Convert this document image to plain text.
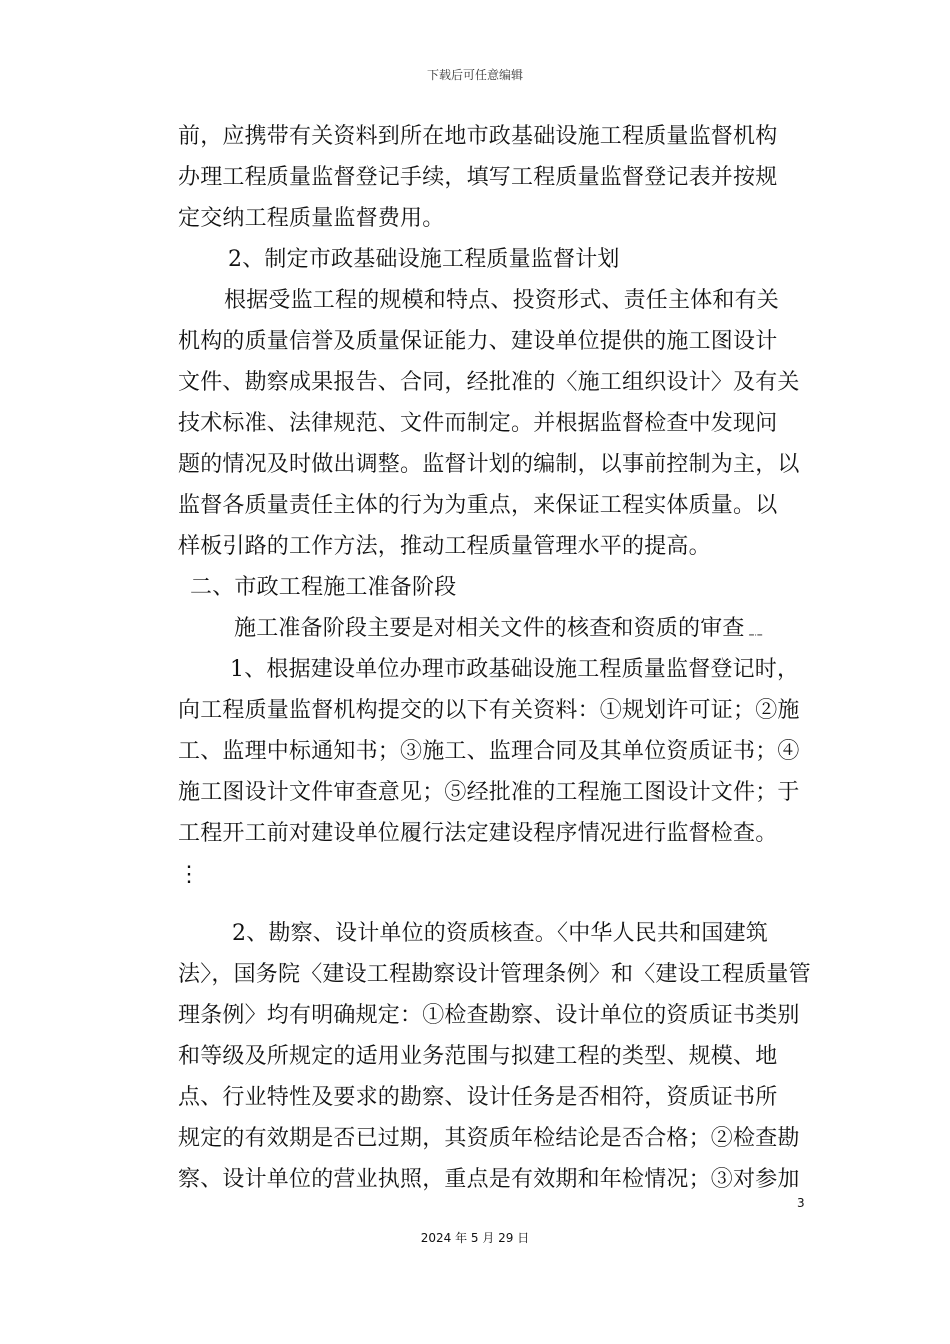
下载后可任意编辑
前，应携带有关资料到所在地市政基础设施工程质量监督机构
办理工程质量监督登记手续，填写工程质量监督登记表并按规
定交纳工程质量监督费用。
2、制定市政基础设施工程质量监督计划
根据受监工程的规模和特点、投资形式、责任主体和有关
机构的质量信誉及质量保证能力、建设单位提供的施工图设计
文件、勘察成果报告、合同，经批准的〈施工组织设计〉及有关
技术标准、法律规范、文件而制定。并根据监督检查中发现问
题的情况及时做出调整。监督计划的编制，以事前控制为主，以
监督各质量责任主体的行为为重点，来保证工程实体质量。以
样板引路的工作方法，推动工程质量管理水平的提高。
二、市政工程施工准备阶段
施工准备阶段主要是对相关文件的核查和资质的审查﹎
1、根据建设单位办理市政基础设施工程质量监督登记时，
向工程质量监督机构提交的以下有关资料：①规划许可证；②施
工、监理中标通知书；③施工、监理合同及其单位资质证书；④
施工图设计文件审查意见；⑤经批准的工程施工图设计文件；于
工程开工前对建设单位履行法定建设程序情况进行监督检查。
⋮
2、勘察、设计单位的资质核查。〈中华人民共和国建筑
法〉，国务院〈建设工程勘察设计管理条例〉和〈建设工程质量管
理条例〉均有明确规定：①检查勘察、设计单位的资质证书类别
和等级及所规定的适用业务范围与拟建工程的类型、规模、地
点、行业特性及要求的勘察、设计任务是否相符，资质证书所
规定的有效期是否已过期，其资质年检结论是否合格；②检查勘
察、设计单位的营业执照，重点是有效期和年检情况；③对参加
3
2024 年 5 月 29 日
